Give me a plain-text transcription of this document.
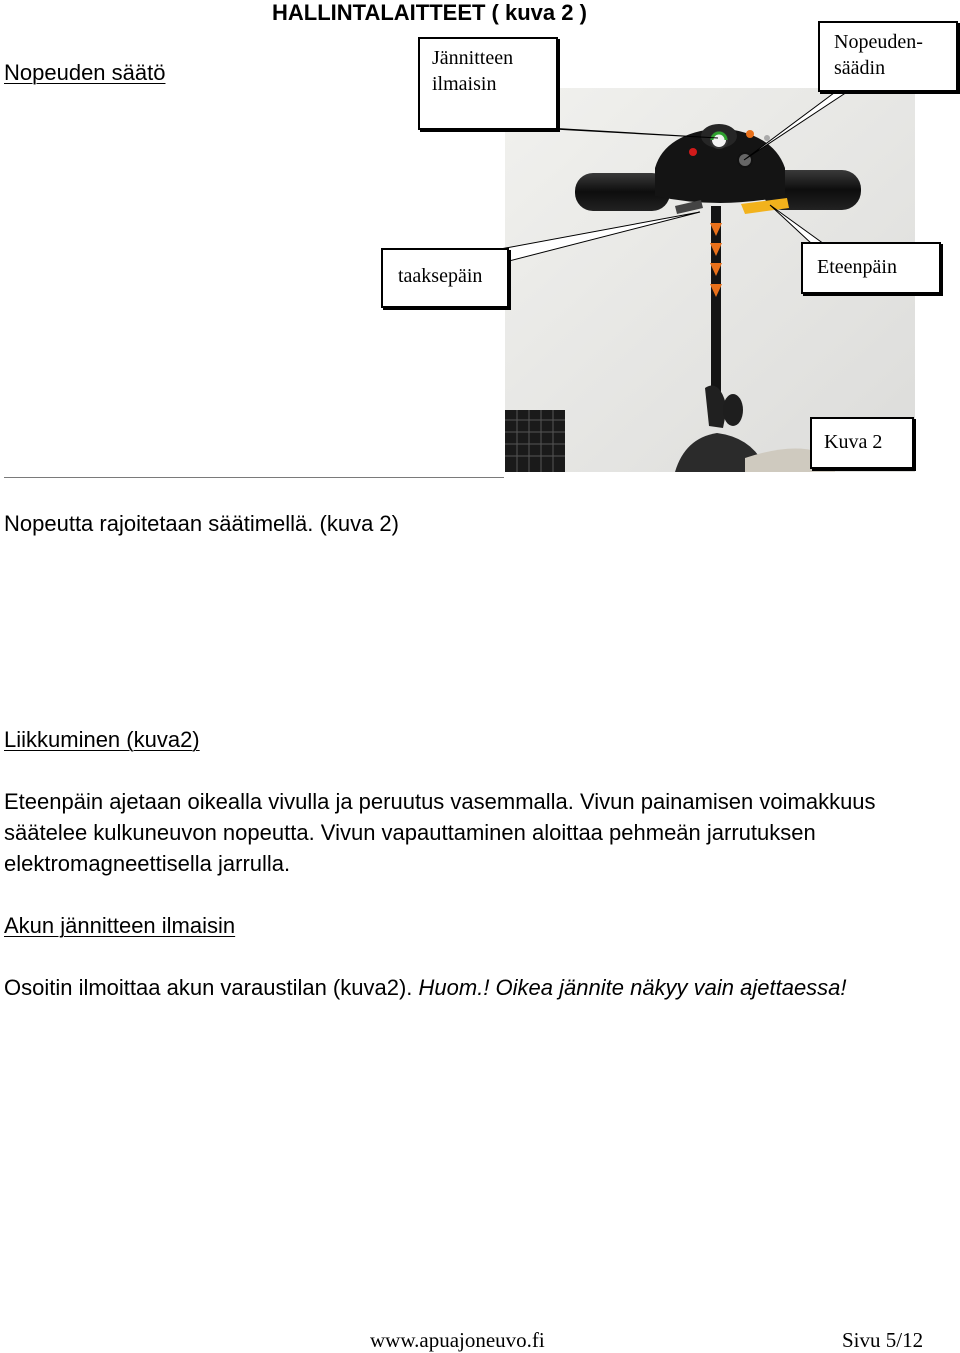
HALLINTALAITTEET ( kuva 2 )
Nopeuden säätö
Jännitteen
ilmaisin
Nopeuden-
säädin
taaksepäin	Eteenpäin
Kuva 2
Nopeutta rajoitetaan säätimellä. (kuva 2)
Liikkuminen (kuva2)
Eteenpäin ajetaan oikealla vivulla ja peruutus vasemmalla. Vivun painamisen voimakkuus säätelee kulkuneuvon nopeutta. Vivun vapauttaminen aloittaa pehmeän jarrutuksen elektromagneettisella jarrulla.
Akun jännitteen ilmaisin
Osoitin ilmoittaa akun varaustilan (kuva2). Huom.! Oikea jännite näkyy vain ajettaessa!
www.apuajoneuvo.fi	Sivu 5/12
